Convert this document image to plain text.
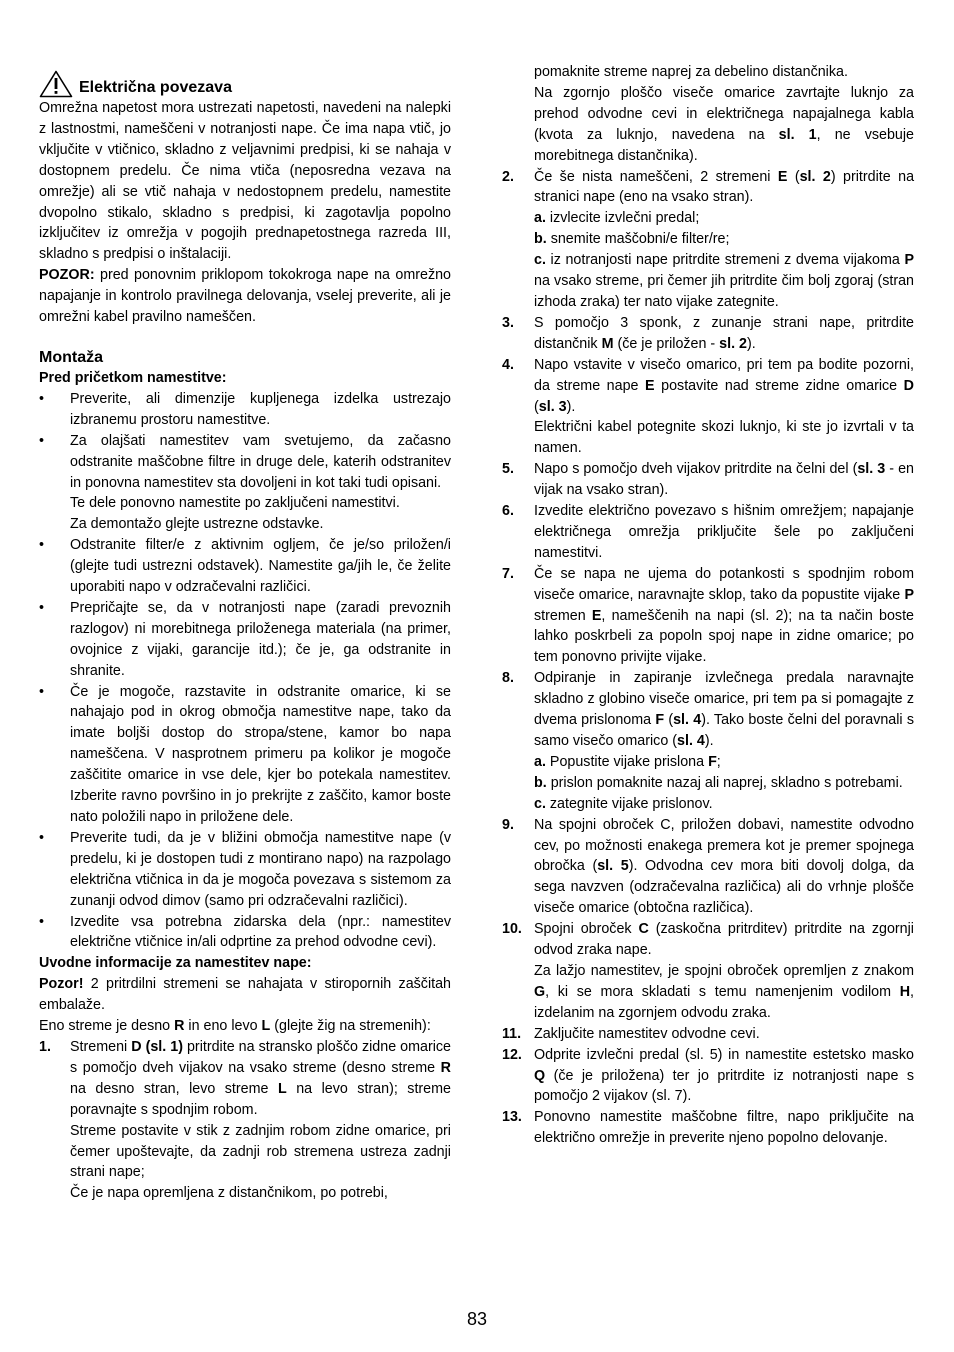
Električna povezava

Omrežna napetost mora ustrezati napetosti, navedeni na nalepki z lastnostmi, nameščeni v notranjosti nape. Če ima napa vtič, jo vključite v vtičnico, skladno z veljavnimi predpisi, ki se nahaja v dostopnem predelu. Če nima vtiča (neposredna vezava na omrežje) ali se vtič nahaja v nedostopnem predelu, namestite dvopolno stikalo, skladno s predpisi, ki zagotavlja popolno izključitev iz omrežja v pogojih prednapetostnega razreda III, skladno s predpisi o inštalaciji.

POZOR: pred ponovnim priklopom tokokroga nape na omrežno napajanje in kontrolo pravilnega delovanja, vselej preverite, ali je omrežni kabel pravilno nameščen.

Montaža
Pred pričetkom namestitve:
•	Preverite, ali dimenzije kupljenega izdelka ustrezajo izbranemu prostoru namestitve.
•	Za olajšati namestitev vam svetujemo, da začasno odstranite maščobne filtre in druge dele, katerih odstranitev in ponovna namestitev sta dovoljeni in kot taki tudi opisani.
Te dele ponovno namestite po zaključeni namestitvi.
Za demontažo glejte ustrezne odstavke.
•	Odstranite filter/e z aktivnim ogljem, če je/so priložen/i (glejte tudi ustrezni odstavek). Namestite ga/jih le, če želite uporabiti napo v odzračevalni različici.
•	Prepričajte se, da v notranjosti nape (zaradi prevoznih razlogov) ni morebitnega priloženega materiala (na primer, ovojnice z vijaki, garancije itd.); če je, ga odstranite in shranite.
•	Če je mogoče, razstavite in odstranite omarice, ki se nahajajo pod in okrog območja namestitve nape, tako da imate boljši dostop do stropa/stene, kamor bo napa nameščena. V nasprotnem primeru pa kolikor je mogoče zaščitite omarice in vse dele, kjer bo potekala namestitev. Izberite ravno površino in jo prekrijte z zaščito, kamor boste nato položili napo in priložene dele.
•	Preverite tudi, da je v bližini območja namestitve nape (v predelu, ki je dostopen tudi z montirano napo) na razpolago električna vtičnica in da je mogoča povezava s sistemom za zunanji odvod dimov (samo pri odzračevalni različici).
•	Izvedite vsa potrebna zidarska dela (npr.: namestitev električne vtičnice in/ali odprtine za prehod odvodne cevi).
Uvodne informacije za namestitev nape:

Pozor! 2 pritrdilni stremeni se nahajata v stiropornih zaščitah embalaže.

Eno streme je desno R in eno levo L (glejte žig na stremenih):

1. Stremeni D (sl. 1) pritrdite na stransko ploščo zidne omarice s pomočjo dveh vijakov na vsako streme (desno streme R na desno stran, levo streme L na levo stran); streme poravnajte s spodnjim robom.
Streme postavite v stik z zadnjim robom zidne omarice, pri čemer upoštevajte, da zadnji rob stremena ustreza zadnji strani nape;
Če je napa opremljena z distančnikom, po potrebi,
pomaknite streme naprej za debelino distančnika.
Na zgornjo ploščo viseče omarice zavrtajte luknjo za prehod odvodne cevi in električnega napajalnega kabla (kvota za luknjo, navedena na sl. 1, ne vsebuje morebitnega distančnika).
2. Če še nista nameščeni, 2 stremeni E (sl. 2) pritrdite na stranici nape (eno na vsako stran).
a. izvlecite izvlečni predal;
b. snemite maščobni/e filter/re;
c. iz notranjosti nape pritrdite stremeni z dvema vijakoma P na vsako streme, pri čemer jih pritrdite čim bolj zgoraj (stran izhoda zraka) ter nato vijake zategnite.
3. S pomočjo 3 sponk, z zunanje strani nape, pritrdite distančnik M (če je priložen - sl. 2).
4. Napo vstavite v visečo omarico, pri tem pa bodite pozorni, da streme nape E postavite nad streme zidne omarice D (sl. 3).
Električni kabel potegnite skozi luknjo, ki ste jo izvrtali v ta namen.
5. Napo s pomočjo dveh vijakov pritrdite na čelni del (sl. 3 - en vijak na vsako stran).
6. Izvedite električno povezavo s hišnim omrežjem; napajanje električnega omrežja priključite šele po zaključeni namestitvi.
7. Če se napa ne ujema do potankosti s spodnjim robom viseče omarice, naravnajte sklop, tako da popustite vijake P stremen E, nameščenih na napi (sl. 2); na ta način boste lahko poskrbeli za popoln spoj nape in zidne omarice; po tem ponovno privijte vijake.
8. Odpiranje in zapiranje izvlečnega predala naravnajte skladno z globino viseče omarice, pri tem pa si pomagajte z dvema prislonoma F (sl. 4). Tako boste čelni del poravnali s samo visečo omarico (sl. 4).
a. Popustite vijake prislona F;
b. prislon pomaknite nazaj ali naprej, skladno s potrebami.
c. zategnite vijake prislonov.
9. Na spojni obroček C, priložen dobavi, namestite odvodno cev, po možnosti enakega premera kot je premer spojnega obročka (sl. 5). Odvodna cev mora biti dovolj dolga, da sega navzven (odzračevalna različica) ali do vrhnje plošče viseče omarice (obtočna različica).
10. Spojni obroček C (zaskočna pritrditev) pritrdite na zgornji odvod zraka nape.
Za lažjo namestitev, je spojni obroček opremljen z znakom G, ki se mora skladati s temu namenjenim vodilom H, izdelanim na zgornjem odvodu zraka.
11. Zaključite namestitev odvodne cevi.
12. Odprite izvlečni predal (sl. 5) in namestite estetsko masko Q (če je priložena) ter jo pritrdite iz notranjosti nape s pomočjo 2 vijakov (sl. 7).
13. Ponovno namestite maščobne filtre, napo priključite na električno omrežje in preverite njeno popolno delovanje.
83
